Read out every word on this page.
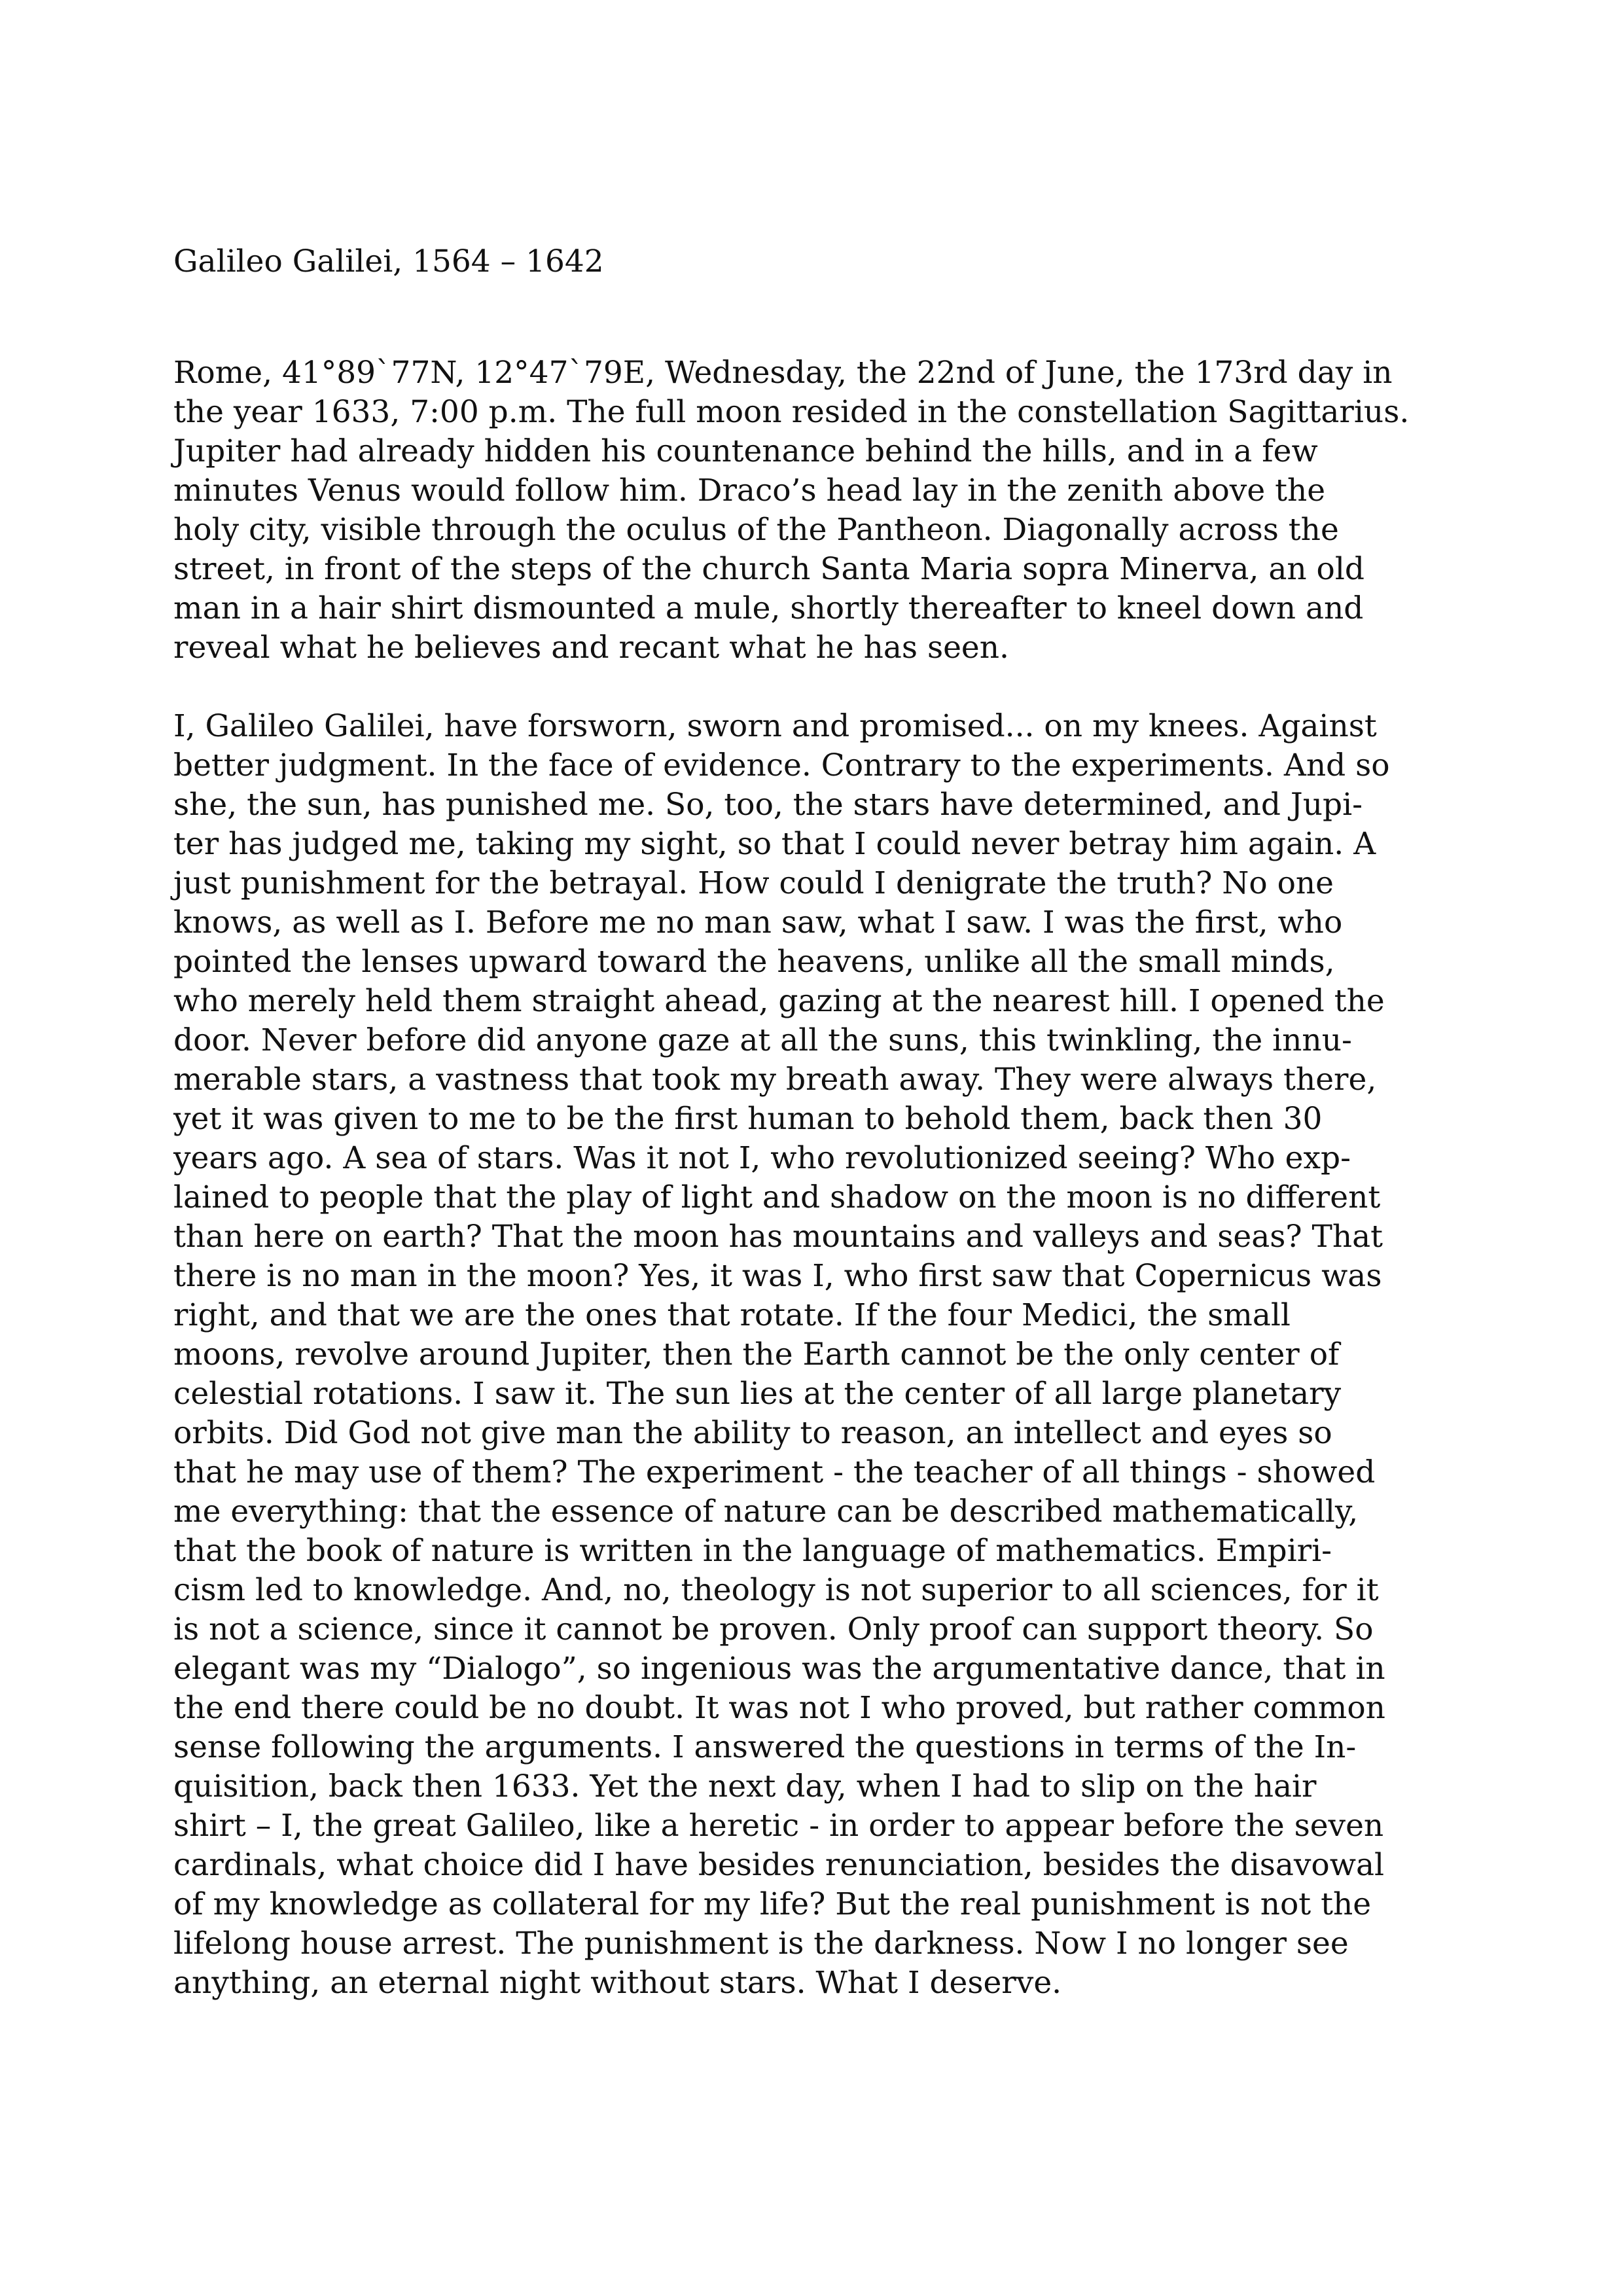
Galileo Galilei, 1564 – 1642
Rome, 41°89`77N, 12°47`79E, Wednesday, the 22nd of June, the 173rd day in
the year 1633, 7:00 p.m. The full moon resided in the constellation Sagittarius.
Jupiter had already hidden his countenance behind the hills, and in a few
minutes Venus would follow him. Draco’s head lay in the zenith above the
holy city, visible through the oculus of the Pantheon. Diagonally across the
street, in front of the steps of the church Santa Maria sopra Minerva, an old
man in a hair shirt dismounted a mule, shortly thereafter to kneel down and
reveal what he believes and recant what he has seen.
I, Galileo Galilei, have forsworn, sworn and promised... on my knees. Against
better judgment. In the face of evidence. Contrary to the experiments. And so
she, the sun, has punished me. So, too, the stars have determined, and Jupi-
ter has judged me, taking my sight, so that I could never betray him again. A
just punishment for the betrayal. How could I denigrate the truth? No one
knows, as well as I. Before me no man saw, what I saw. I was the first, who
pointed the lenses upward toward the heavens, unlike all the small minds,
who merely held them straight ahead, gazing at the nearest hill. I opened the
door. Never before did anyone gaze at all the suns, this twinkling, the innu-
merable stars, a vastness that took my breath away. They were always there,
yet it was given to me to be the first human to behold them, back then 30
years ago. A sea of stars. Was it not I, who revolutionized seeing? Who exp-
lained to people that the play of light and shadow on the moon is no different
than here on earth? That the moon has mountains and valleys and seas? That
there is no man in the moon? Yes, it was I, who first saw that Copernicus was
right, and that we are the ones that rotate. If the four Medici, the small
moons, revolve around Jupiter, then the Earth cannot be the only center of
celestial rotations. I saw it. The sun lies at the center of all large planetary
orbits. Did God not give man the ability to reason, an intellect and eyes so
that he may use of them? The experiment - the teacher of all things - showed
me everything: that the essence of nature can be described mathematically,
that the book of nature is written in the language of mathematics. Empiri-
cism led to knowledge. And, no, theology is not superior to all sciences, for it
is not a science, since it cannot be proven. Only proof can support theory. So
elegant was my “Dialogo”, so ingenious was the argumentative dance, that in
the end there could be no doubt. It was not I who proved, but rather common
sense following the arguments. I answered the questions in terms of the In-
quisition, back then 1633. Yet the next day, when I had to slip on the hair
shirt – I, the great Galileo, like a heretic - in order to appear before the seven
cardinals, what choice did I have besides renunciation, besides the disavowal
of my knowledge as collateral for my life? But the real punishment is not the
lifelong house arrest. The punishment is the darkness. Now I no longer see
anything, an eternal night without stars. What I deserve.
